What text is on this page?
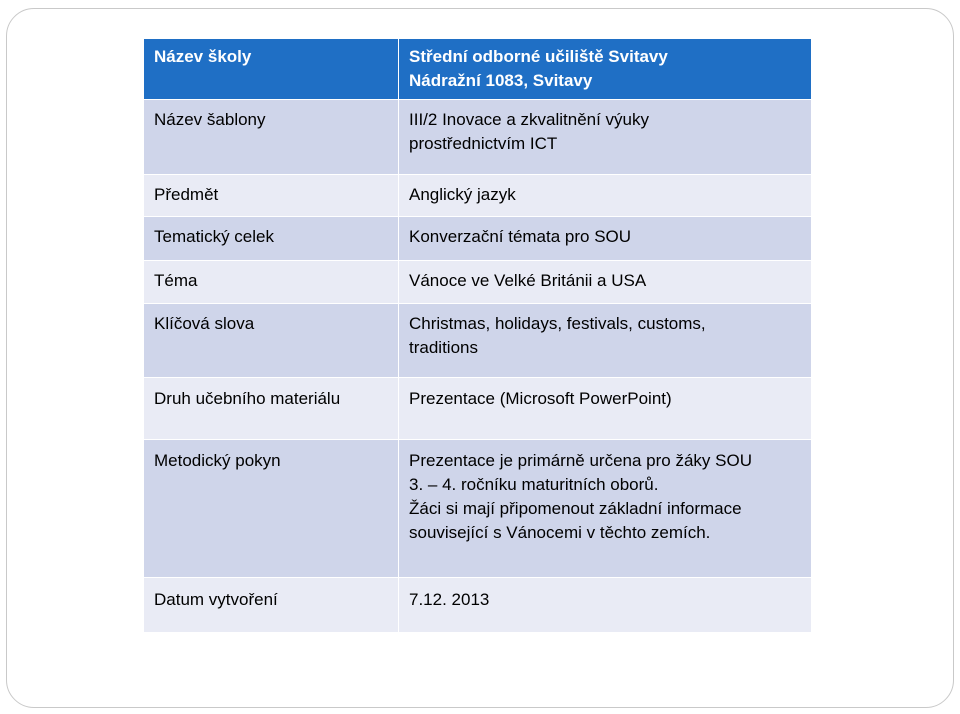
Název školy	Střední odborné učiliště Svitavy
Nádražní 1083, Svitavy
Název šablony	III/2 Inovace a zkvalitnění výuky
prostřednictvím ICT
Předmět	Anglický jazyk
Tematický celek	Konverzační témata pro SOU
Téma	Vánoce ve Velké Británii a USA
Klíčová slova	Christmas, holidays, festivals, customs,
traditions
Druh učebního materiálu	Prezentace (Microsoft PowerPoint)
Metodický pokyn	Prezentace je primárně určena pro žáky SOU
3. – 4. ročníku maturitních oborů.
Žáci si mají připomenout základní informace
související s Vánocemi v těchto zemích.
Datum vytvoření	7.12. 2013
